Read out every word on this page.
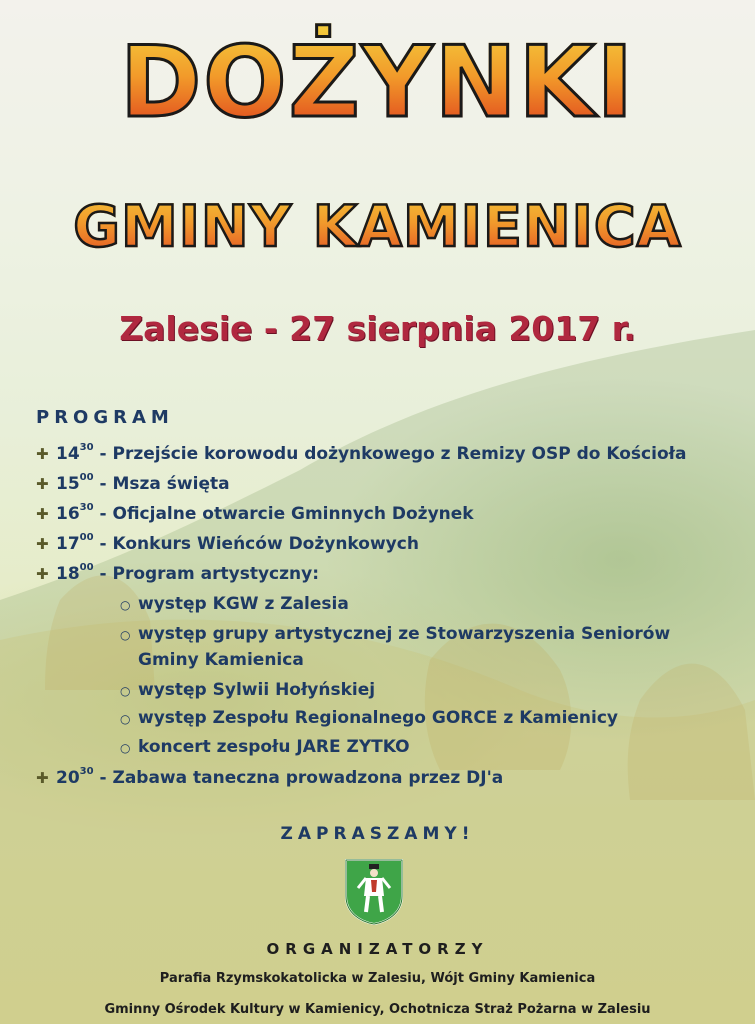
DOŻYNKI
GMINY KAMIENICA
Zalesie - 27 sierpnia 2017 r.
PROGRAM
✚ $14^{30}$ - Przejście korowodu dożynkowego z Remizy OSP do Kościoła
✚ $15^{00}$ - Msza święta
✚ $16^{30}$ - Oficjalne otwarcie Gminnych Dożynek
✚ $17^{00}$ - Konkurs Wieńców Dożynkowych
✚ $18^{00}$ - Program artystyczny:
○ występ KGW z Zalesia
○ występ grupy artystycznej ze Stowarzyszenia Seniorów
Gminy Kamienica
○ występ Sylwii Hołyńskiej
○ występ Zespołu Regionalnego GORCE z Kamienicy
○ koncert zespołu JARE ZYTKO
✚ $20^{30}$ - Zabawa taneczna prowadzona przez DJ'a
ZAPRASZAMY!
ORGANIZATORZY
Parafia Rzymskokatolicka w Zalesiu, Wójt Gminy Kamienica
Gminny Ośrodek Kultury w Kamienicy, Ochotnicza Straż Pożarna w Zalesiu
